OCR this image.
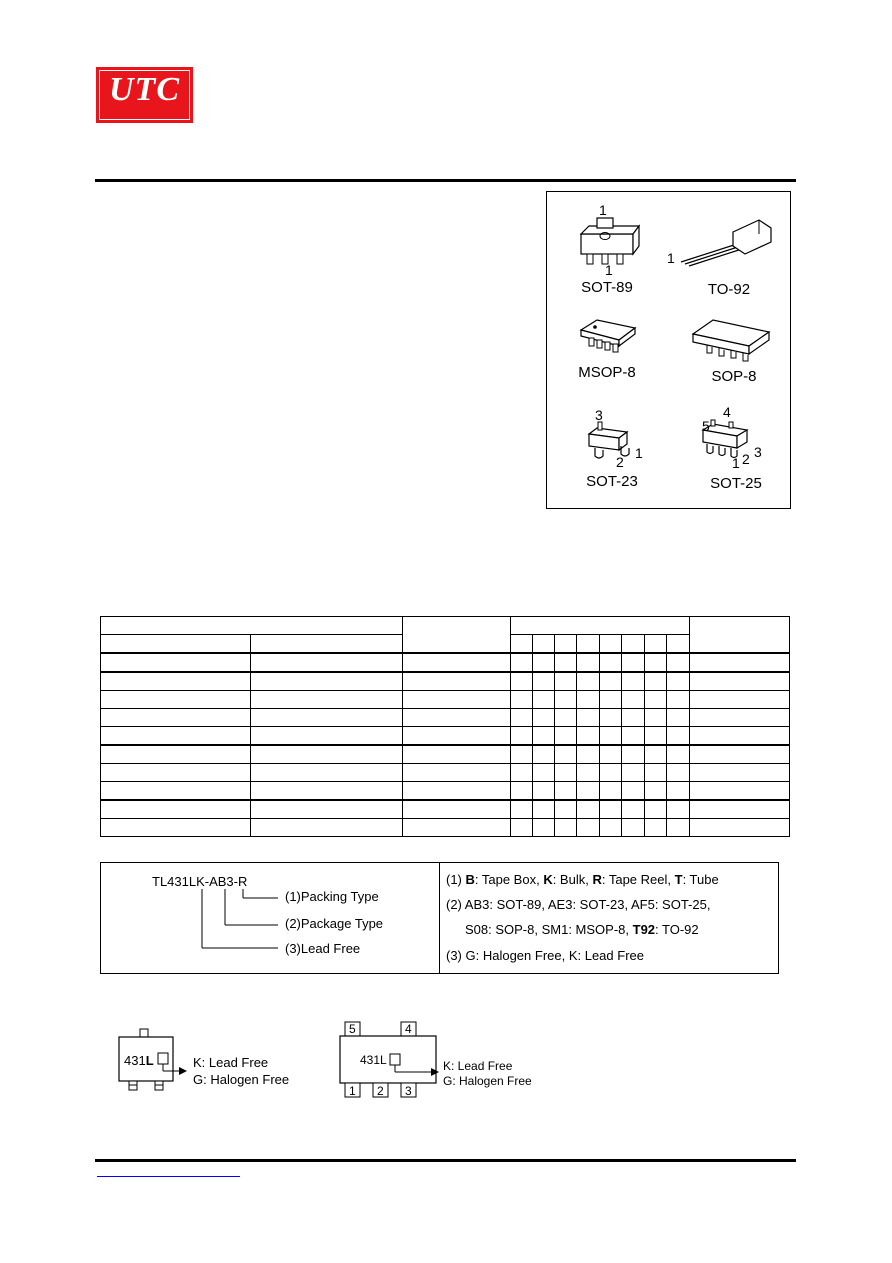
UTC
1
1
SOT-89
1
TO-92
MSOP-8	SOP-8
3
2
1
SOT-23
4
5
3
2
1
SOT-25

TL431LK-AB3-R
(1)Packing Type
(2)Package Type
(3)Lead Free
(1) B: Tape Box, K: Bulk, R: Tape Reel, T: Tube
(2) AB3: SOT-89, AE3: SOT-23, AF5: SOT-25,
S08: SOP-8, SM1: MSOP-8, T92: TO-92
(3) G: Halogen Free, K: Lead Free
431L	K: Lead Free
G: Halogen Free
5	4
1 2 3
431L	K: Lead Free
G: Halogen Free
